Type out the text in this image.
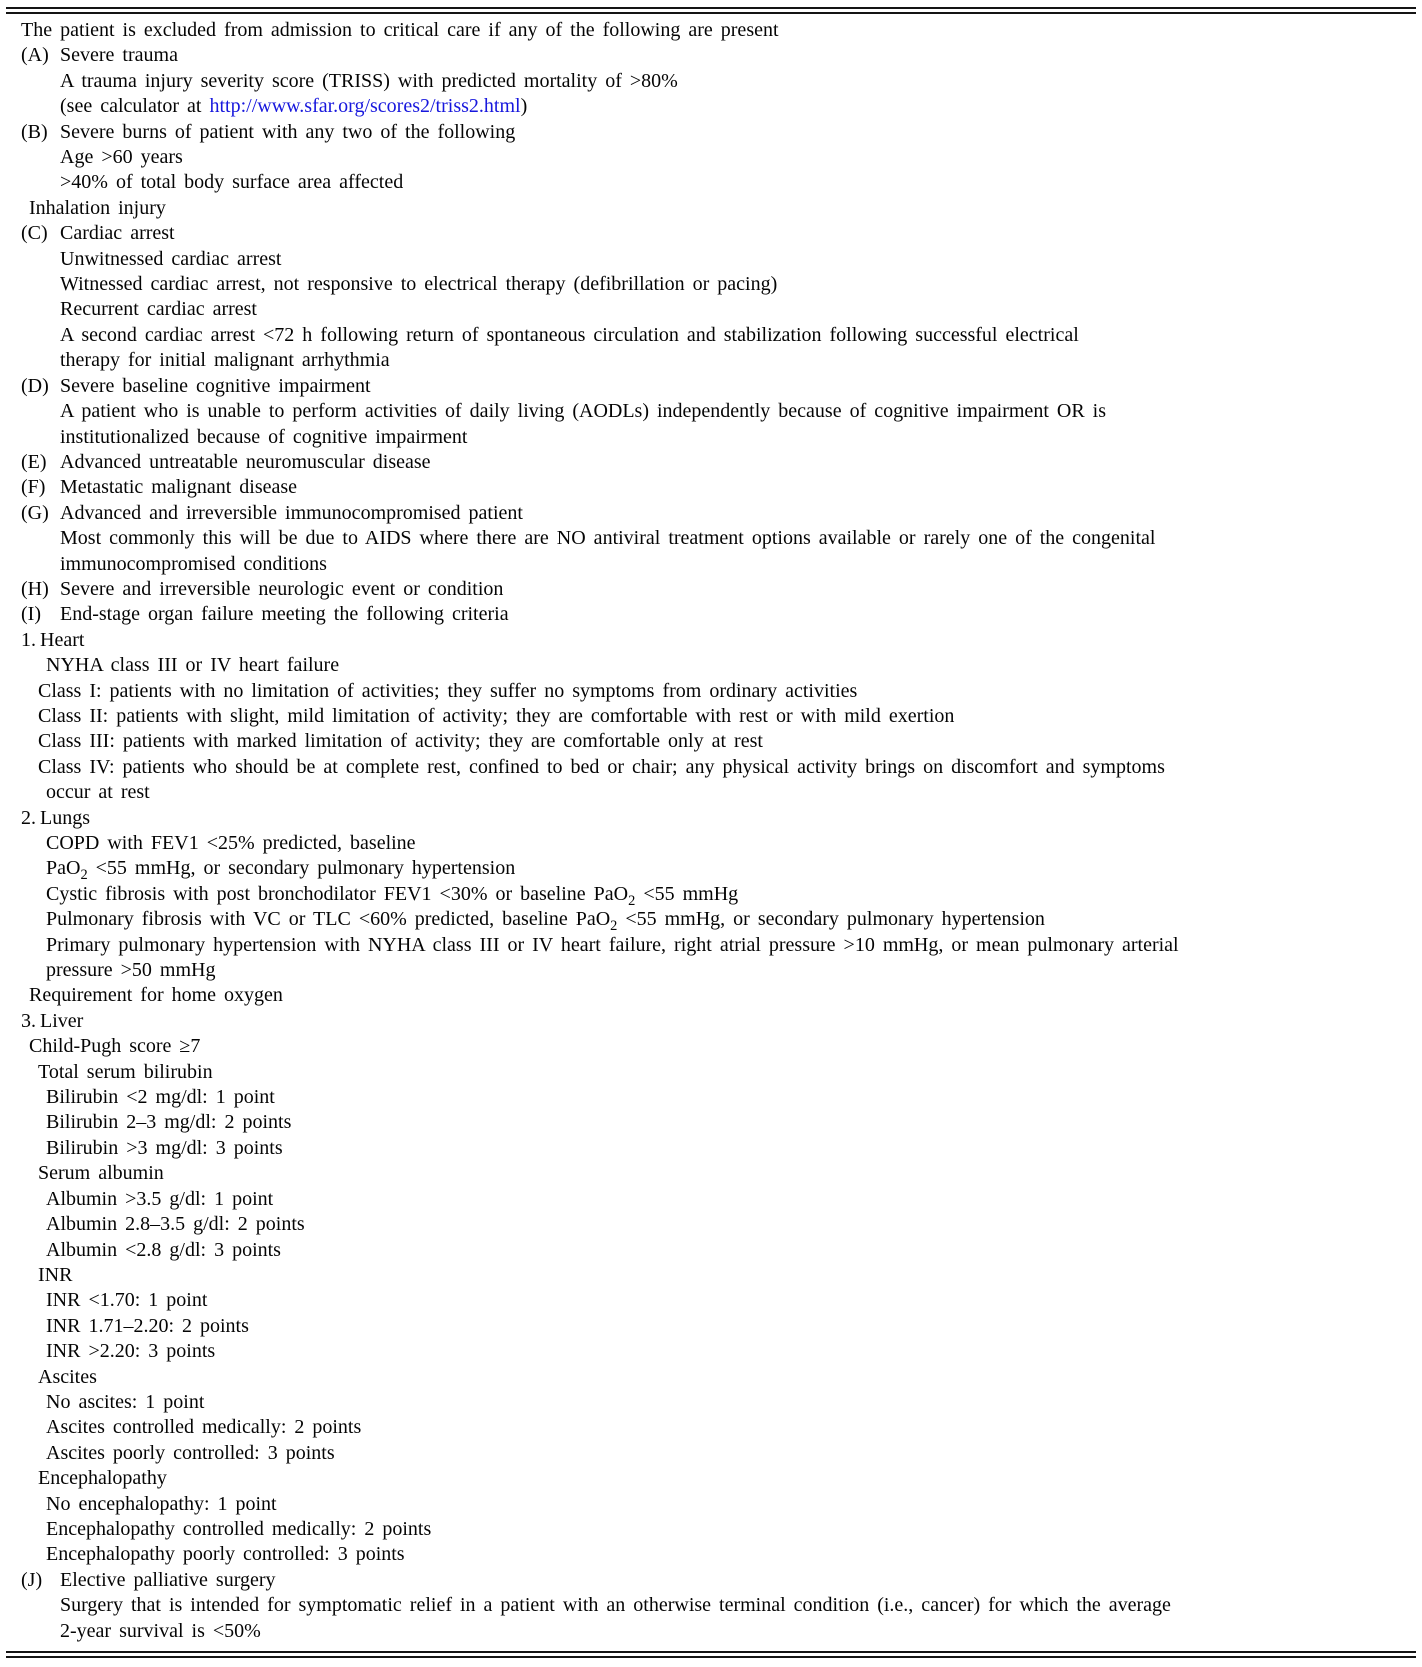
The patient is excluded from admission to critical care if any of the following are present
(A) Severe trauma
A trauma injury severity score (TRISS) with predicted mortality of >80%
(see calculator at http://www.sfar.org/scores2/triss2.html)
(B) Severe burns of patient with any two of the following
Age >60 years
>40% of total body surface area affected
Inhalation injury
(C) Cardiac arrest
Unwitnessed cardiac arrest
Witnessed cardiac arrest, not responsive to electrical therapy (defibrillation or pacing)
Recurrent cardiac arrest
A second cardiac arrest <72 h following return of spontaneous circulation and stabilization following successful electrical
therapy for initial malignant arrhythmia
(D) Severe baseline cognitive impairment
A patient who is unable to perform activities of daily living (AODLs) independently because of cognitive impairment OR is
institutionalized because of cognitive impairment
(E) Advanced untreatable neuromuscular disease
(F) Metastatic malignant disease
(G) Advanced and irreversible immunocompromised patient
Most commonly this will be due to AIDS where there are NO antiviral treatment options available or rarely one of the congenital
immunocompromised conditions
(H) Severe and irreversible neurologic event or condition
(I) End-stage organ failure meeting the following criteria
1. Heart
NYHA class III or IV heart failure
Class I: patients with no limitation of activities; they suffer no symptoms from ordinary activities
Class II: patients with slight, mild limitation of activity; they are comfortable with rest or with mild exertion
Class III: patients with marked limitation of activity; they are comfortable only at rest
Class IV: patients who should be at complete rest, confined to bed or chair; any physical activity brings on discomfort and symptoms
occur at rest
2. Lungs
COPD with FEV1 <25% predicted, baseline
PaO$_2$ <55 mmHg, or secondary pulmonary hypertension
Cystic fibrosis with post bronchodilator FEV1 <30% or baseline PaO$_2$ <55 mmHg
Pulmonary fibrosis with VC or TLC <60% predicted, baseline PaO$_2$ <55 mmHg, or secondary pulmonary hypertension
Primary pulmonary hypertension with NYHA class III or IV heart failure, right atrial pressure >10 mmHg, or mean pulmonary arterial
pressure >50 mmHg
Requirement for home oxygen
3. Liver
Child-Pugh score ≥7
Total serum bilirubin
Bilirubin <2 mg/dl: 1 point
Bilirubin 2–3 mg/dl: 2 points
Bilirubin >3 mg/dl: 3 points
Serum albumin
Albumin >3.5 g/dl: 1 point
Albumin 2.8–3.5 g/dl: 2 points
Albumin <2.8 g/dl: 3 points
INR
INR <1.70: 1 point
INR 1.71–2.20: 2 points
INR >2.20: 3 points
Ascites
No ascites: 1 point
Ascites controlled medically: 2 points
Ascites poorly controlled: 3 points
Encephalopathy
No encephalopathy: 1 point
Encephalopathy controlled medically: 2 points
Encephalopathy poorly controlled: 3 points
(J) Elective palliative surgery
Surgery that is intended for symptomatic relief in a patient with an otherwise terminal condition (i.e., cancer) for which the average
2-year survival is <50%
